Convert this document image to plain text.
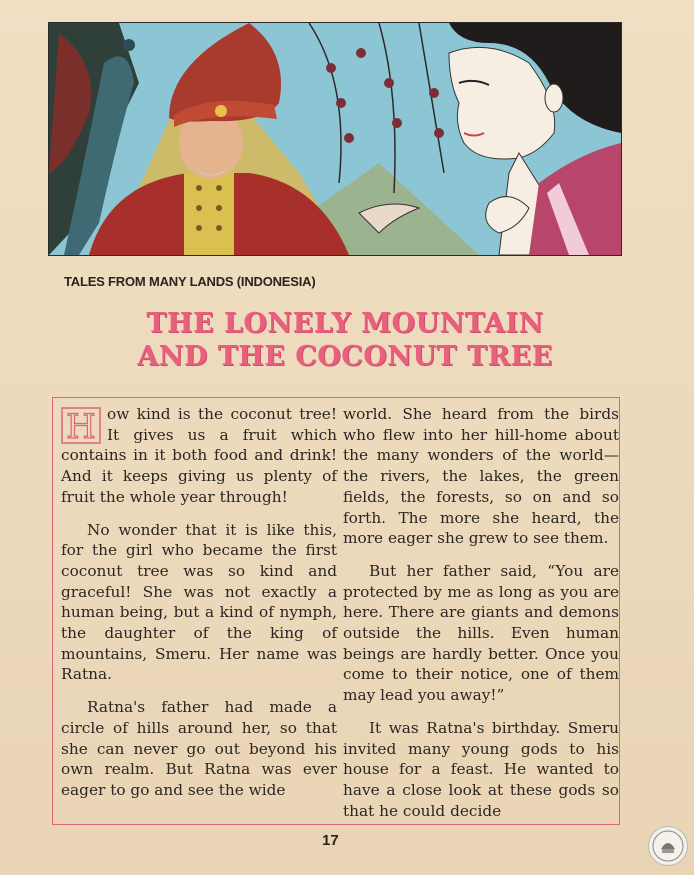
TALES FROM MANY LANDS (INDONESIA)
THE LONELY MOUNTAIN
AND THE COCONUT TREE

H ow kind is the coconut tree! It gives us a fruit which contains in it both food and drink! And it keeps giving us plenty of fruit the whole year through!

No wonder that it is like this, for the girl who became the first coconut tree was so kind and graceful! She was not exactly a human being, but a kind of nymph, the daughter of the king of mountains, Smeru. Her name was Ratna.

Ratna's father had made a circle of hills around her, so that she can never go out beyond his own realm. But Ratna was ever eager to go and see the wide

world. She heard from the birds who flew into her hill-home about the many wonders of the world—the rivers, the lakes, the green fields, the forests, so on and so forth. The more she heard, the more eager she grew to see them.

But her father said, “You are protected by me as long as you are here. There are giants and demons outside the hills. Even human beings are hardly better. Once you come to their notice, one of them may lead you away!”

It was Ratna's birthday. Smeru invited many young gods to his house for a feast. He wanted to have a close look at these gods so that he could decide

17
